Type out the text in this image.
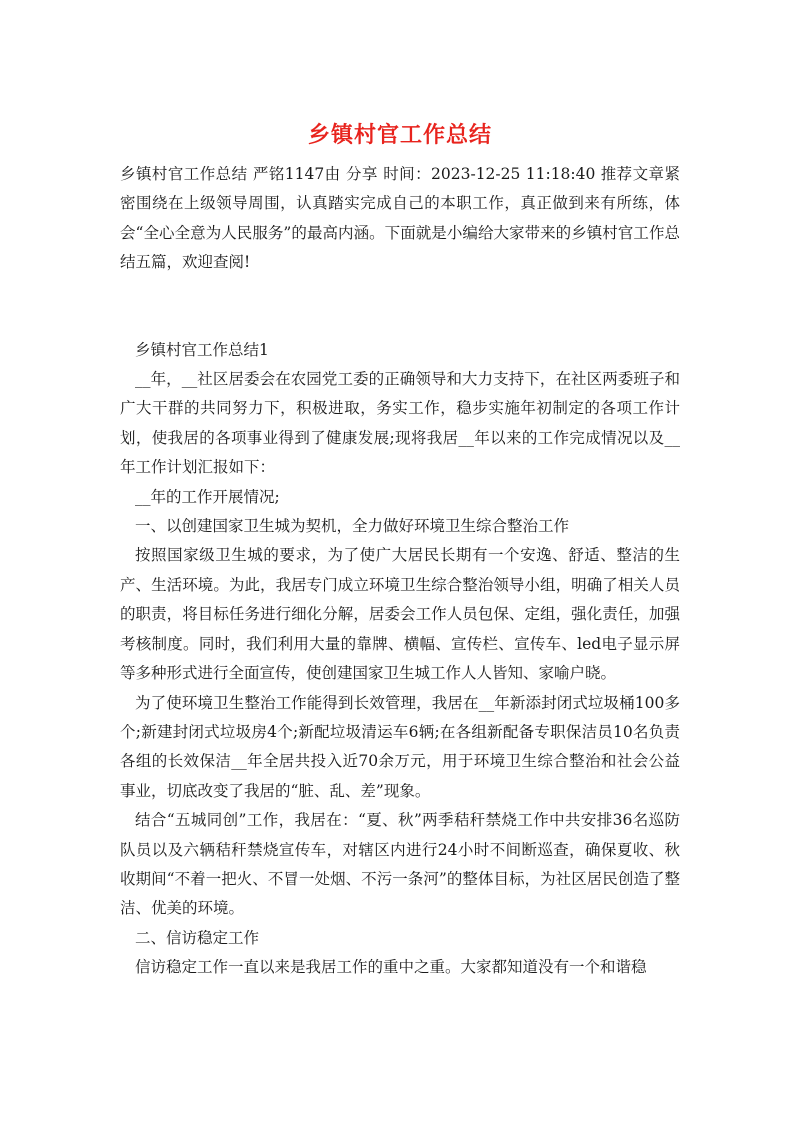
乡镇村官工作总结

乡镇村官工作总结 严铭1147由 分享 时间：2023-12-25 11:18:40 推荐文章紧密围绕在上级领导周围，认真踏实完成自己的本职工作，真正做到来有所练，体会“全心全意为人民服务”的最高内涵。下面就是小编给大家带来的乡镇村官工作总结五篇，欢迎查阅!

乡镇村官工作总结1

__年，__社区居委会在农园党工委的正确领导和大力支持下，在社区两委班子和广大干群的共同努力下，积极进取，务实工作，稳步实施年初制定的各项工作计划，使我居的各项事业得到了健康发展;现将我居__年以来的工作完成情况以及__年工作计划汇报如下：

__年的工作开展情况;

一、以创建国家卫生城为契机，全力做好环境卫生综合整治工作

按照国家级卫生城的要求，为了使广大居民长期有一个安逸、舒适、整洁的生产、生活环境。为此，我居专门成立环境卫生综合整治领导小组，明确了相关人员的职责，将目标任务进行细化分解，居委会工作人员包保、定组，强化责任，加强考核制度。同时，我们利用大量的靠牌、横幅、宣传栏、宣传车、led电子显示屏等多种形式进行全面宣传，使创建国家卫生城工作人人皆知、家喻户晓。

为了使环境卫生整治工作能得到长效管理，我居在__年新添封闭式垃圾桶100多个;新建封闭式垃圾房4个;新配垃圾清运车6辆;在各组新配备专职保洁员10名负责各组的长效保洁__年全居共投入近70余万元，用于环境卫生综合整治和社会公益事业，切底改变了我居的“脏、乱、差”现象。

结合“五城同创”工作，我居在：“夏、秋”两季秸秆禁烧工作中共安排36名巡防队员以及六辆秸秆禁烧宣传车，对辖区内进行24小时不间断巡查，确保夏收、秋收期间“不着一把火、不冒一处烟、不污一条河”的整体目标，为社区居民创造了整洁、优美的环境。

二、信访稳定工作

信访稳定工作一直以来是我居工作的重中之重。大家都知道没有一个和谐稳
